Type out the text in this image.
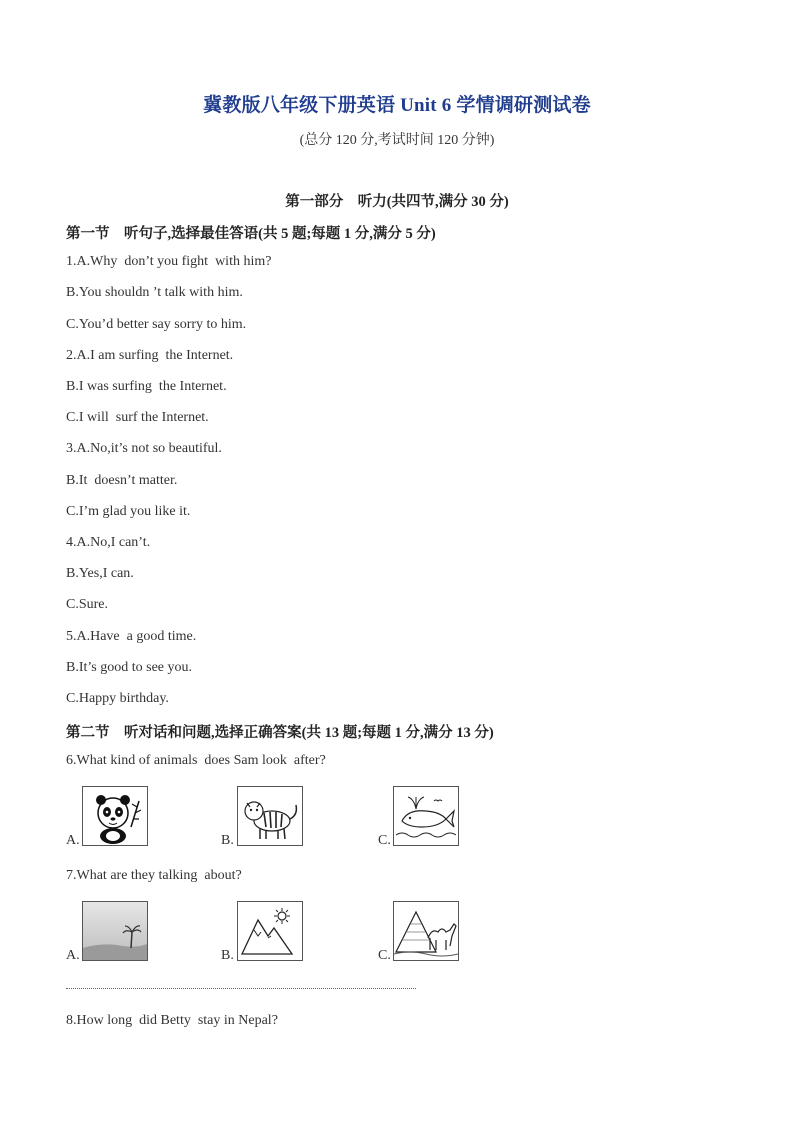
冀教版八年级下册英语 Unit 6 学情调研测试卷
(总分 120 分,考试时间 120 分钟)
第一部分　听力(共四节,满分 30 分)
第一节　听句子,选择最佳答语(共 5 题;每题 1 分,满分 5 分)
1.A.Why  don’t you fight  with him?
B.You shouldn ’t talk with him.
C.You’d better say sorry to him.
2.A.I am surfing  the Internet.
B.I was surfing  the Internet.
C.I will  surf the Internet.
3.A.No,it’s not so beautiful.
B.It  doesn’t matter.
C.I’m glad you like it.
4.A.No,I can’t.
B.Yes,I can.
C.Sure.
5.A.Have  a good time.
B.It’s good to see you.
C.Happy birthday.
第二节　听对话和问题,选择正确答案(共 13 题;每题 1 分,满分 13 分)
6.What kind of animals  does Sam look  after?
A.	B.	C.
7.What are they talking  about?
A.	B.	C.
8.How long  did Betty  stay in Nepal?
